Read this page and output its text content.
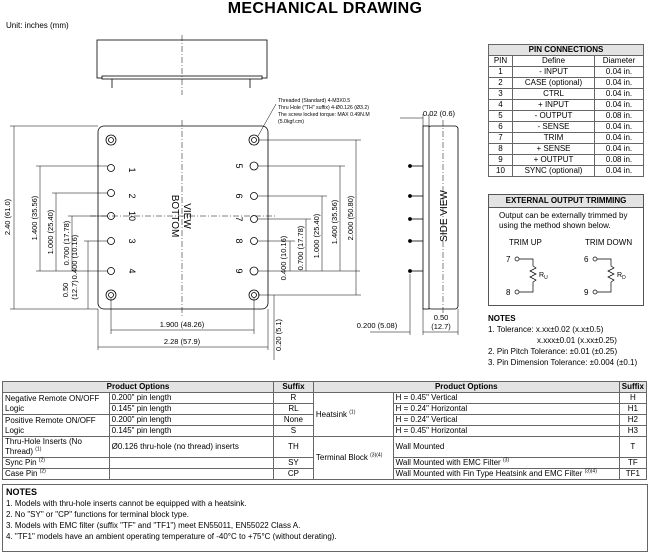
MECHANICAL DRAWING
Unit: inches (mm)
1
2
10
3
4
5
6
7
8
9
BOTTOM VIEW
Threaded (Standard) 4-M3X0.5
Thru Hole ("TH" suffix) 4-Ø0.126 (Ø3.2)
The screw locked torque: MAX 0.49N.M
(5.0kgf.cm)
2.40 (61.0) 1.400 (35.56) 1.000 (25.40) 0.700 (17.78) 0.400 (10.16)
0.50 (12.7)
0.400 (10.16) 0.700 (17.78) 1.000 (25.40) 1.400 (35.56) 2.000 (50.80)
1.900 (48.26)
2.28 (57.9)	0.20 (5.1)
SIDE VIEW
0.02 (0.6)
0.200 (5.08)
0.50
(12.7)
PIN CONNECTIONS		
PIN	Define	Diameter
1	- INPUT	0.04 in.
2	CASE (optional)	0.04 in.
3	CTRL	0.04 in.
4	+ INPUT	0.04 in.
5	- OUTPUT	0.08 in.
6	- SENSE	0.04 in.
7	TRIM	0.04 in.
8	+ SENSE	0.04 in.
9	+ OUTPUT	0.08 in.
10	SYNC (optional)	0.04 in.
EXTERNAL OUTPUT TRIMMING
Output can be externally trimmed by using the method shown below.
TRIM UP	TRIM DOWN
7
8
$R_U$
6
9
$R_D$
NOTES
1. Tolerance: x.xx±0.02 (x.x±0.5)
x.xxx±0.01 (x.xx±0.25)
2. Pin Pitch Tolerance: ±0.01 (±0.25)
3. Pin Dimension Tolerance: ±0.004 (±0.1)
Product Options		Suffix	Product Options		Suffix
Negative Remote ON/OFF Logic	0.200" pin length	R	Heatsink $^{(1)}$	H = 0.45" Vertical	H
	0.145" pin length	RL		H = 0.24" Horizontal	H1
Positive Remote ON/OFF Logic	0.200" pin length	None		H = 0.24" Vertical	H2
	0.145" pin length	S		H = 0.45" Horizontal	H3
Thru-Hole Inserts (No Thread) $^{(1)}$	Ø0.126 thru-hole (no thread) inserts	TH	Terminal Block $^{(3)(4)}$	Wall Mounted	T
Sync Pin $^{(2)}$		SY		Wall Mounted with EMC Filter $^{(3)}$	TF
Case Pin $^{(2)}$		CP		Wall Mounted with Fin Type Heatsink and EMC Filter $^{(3)(4)}$	TF1
NOTES
1. Models with thru-hole inserts cannot be equipped with a heatsink.
2. No "SY" or "CP" functions for terminal block type.
3. Models with EMC filter (suffix "TF" and "TF1") meet EN55011, EN55022 Class A.
4. "TF1" models have an ambient operating temperature of -40°C to +75°C (without derating).
